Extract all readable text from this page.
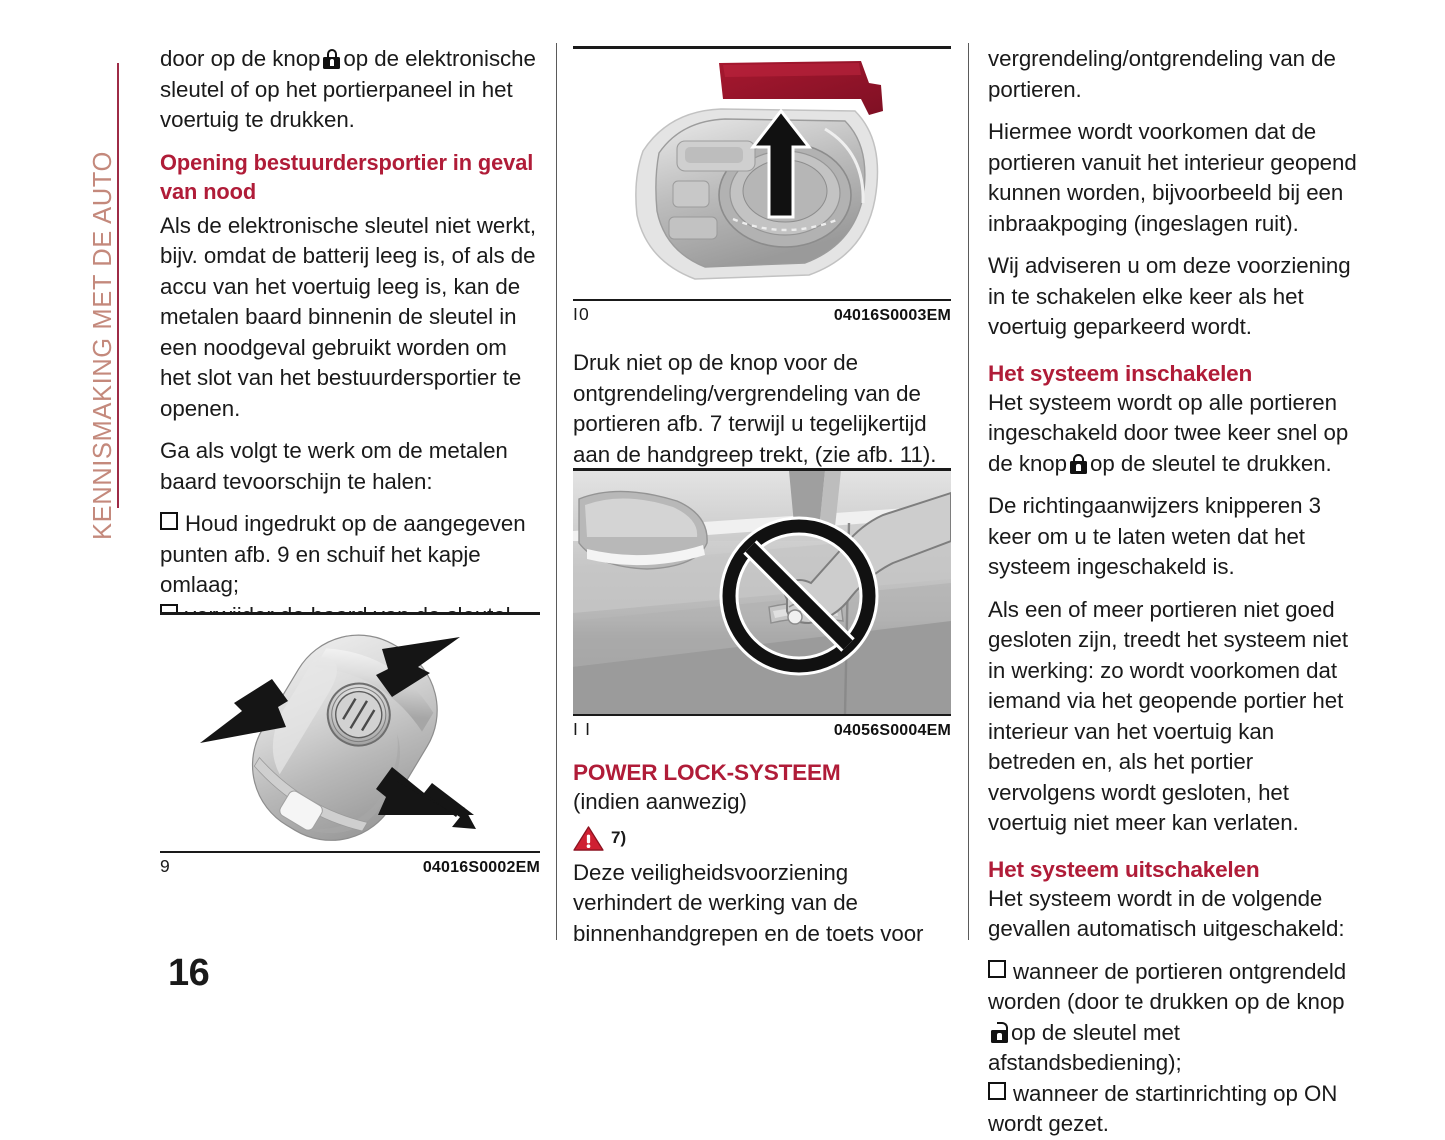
KENNISMAKING MET DE AUTO

door op de knop op de elektronische sleutel of op het portierpaneel in het voertuig te drukken.

Opening bestuurdersportier in geval van nood

Als de elektronische sleutel niet werkt, bijv. omdat de batterij leeg is, of als de accu van het voertuig leeg is, kan de metalen baard binnenin de sleutel in een noodgeval gebruikt worden om het slot van het bestuurdersportier te openen.

Ga als volgt te werk om de metalen baard tevoorschijn te halen:

Houd ingedrukt op de aangegeven punten afb. 9 en schuif het kapje omlaag;

9	04016S0002EM
I0	04016S0003EM

Druk niet op de knop voor de ontgrendeling/vergrendeling van de portieren afb. 7 terwijl u tegelijkertijd aan de handgreep trekt, (zie afb. 11).

I I	04056S0004EM
POWER LOCK-SYSTEEM

(indien aanwezig)

7)

Deze veiligheidsvoorziening verhindert de werking van de binnenhandgrepen en de toets voor

vergrendeling/ontgrendeling van de portieren.

Hiermee wordt voorkomen dat de portieren vanuit het interieur geopend kunnen worden, bijvoorbeeld bij een inbraakpoging (ingeslagen ruit).

Wij adviseren u om deze voorziening in te schakelen elke keer als het voertuig geparkeerd wordt.

Het systeem inschakelen

Het systeem wordt op alle portieren ingeschakeld door twee keer snel op de knop op de sleutel te drukken.

De richtingaanwijzers knipperen 3 keer om u te laten weten dat het systeem ingeschakeld is.

Als een of meer portieren niet goed gesloten zijn, treedt het systeem niet in werking: zo wordt voorkomen dat iemand via het geopende portier het interieur van het voertuig kan betreden en, als het portier vervolgens wordt gesloten, het voertuig niet meer kan verlaten.

Het systeem uitschakelen

Het systeem wordt in de volgende gevallen automatisch uitgeschakeld:

wanneer de portieren ontgrendeld worden (door te drukken op de knop
op de sleutel met afstandsbediening);

wanneer de startinrichting op ON wordt gezet.

16
